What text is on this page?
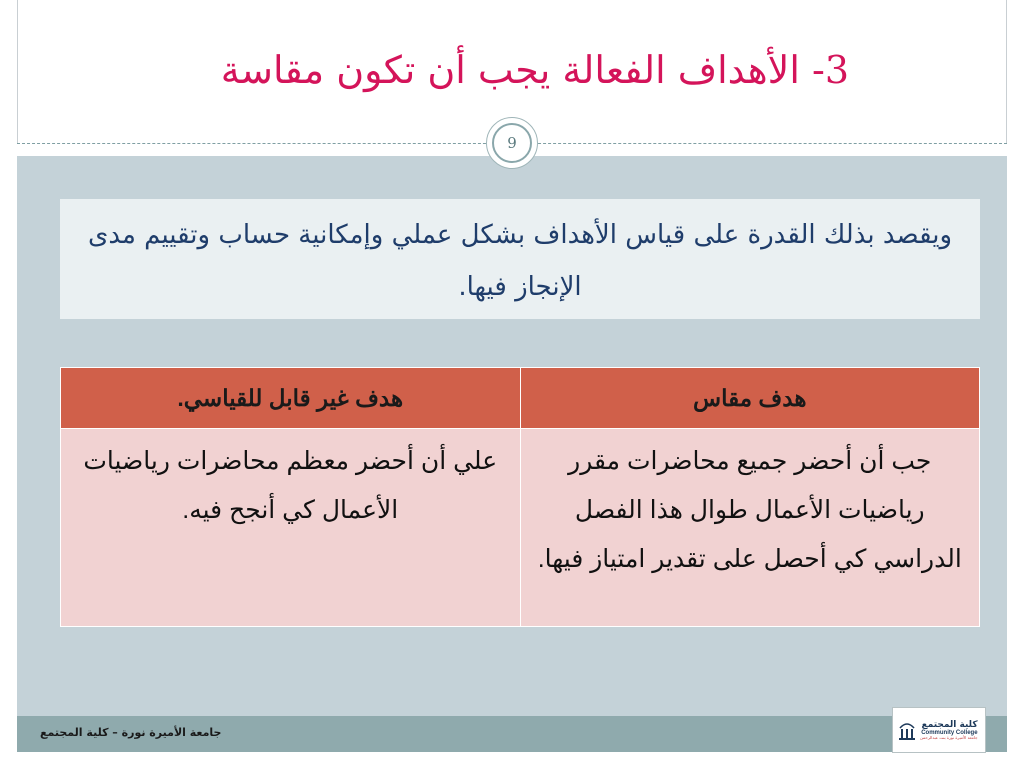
3- الأهداف الفعالة يجب أن تكون مقاسة
9
ويقصد بذلك القدرة على قياس الأهداف بشكل عملي وإمكانية حساب وتقييم مدى الإنجاز فيها.
هدف مقاس	هدف غير قابل للقياسي.
جب أن أحضر جميع محاضرات مقرر رياضيات الأعمال طوال هذا الفصل الدراسي كي أحصل على تقدير امتياز فيها.	علي أن أحضر معظم محاضرات رياضيات الأعمال كي أنجح فيه.
جامعة الأميرة نورة – كلية المجتمع
كلية المجتمع
Community College
جامعة الأميرة نورة بنت عبدالرحمن
